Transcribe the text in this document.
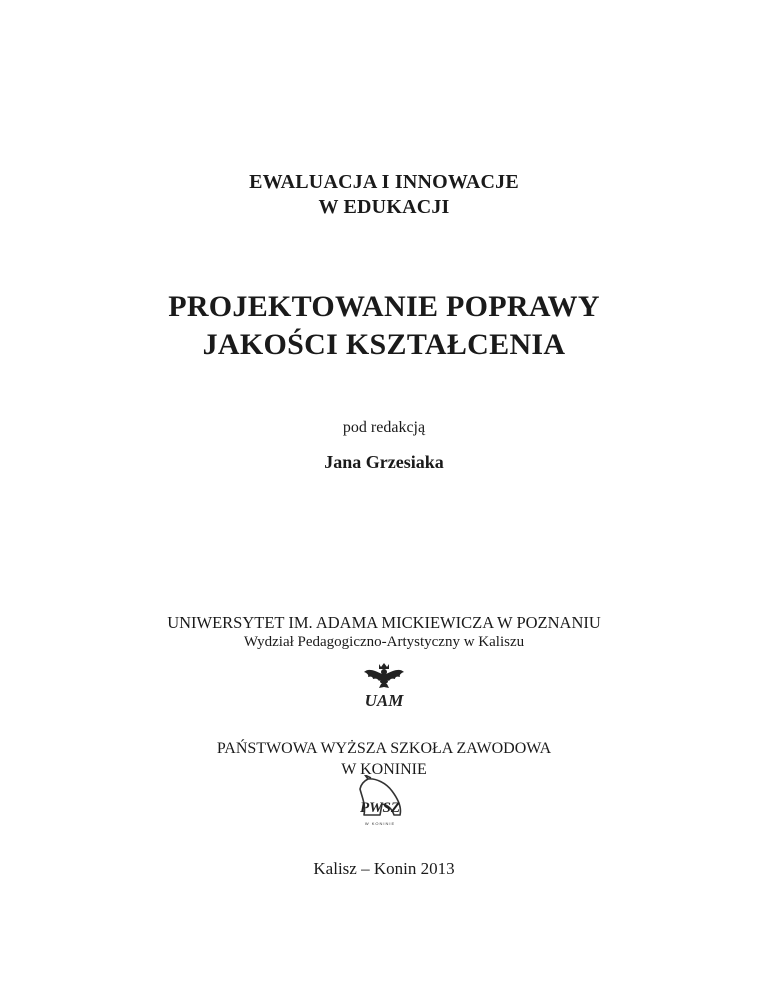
EWALUACJA I INNOWACJE
W EDUKACJI
PROJEKTOWANIE POPRAWY
JAKOŚCI KSZTAŁCENIA
pod redakcją
Jana Grzesiaka
UNIWERSYTET IM. ADAMA MICKIEWICZA W POZNANIU
Wydział Pedagogiczno-Artystyczny w Kaliszu
UAM
PAŃSTWOWA WYŻSZA SZKOŁA ZAWODOWA
W KONINIE
PWSZ
W KONINIE
Kalisz – Konin 2013
